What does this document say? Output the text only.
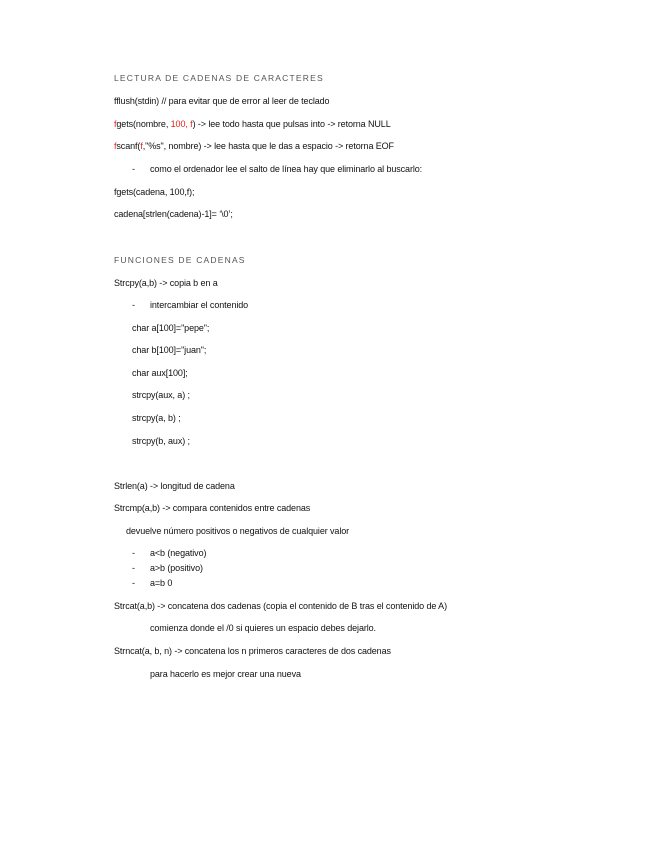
LECTURA DE CADENAS DE CARACTERES
fflush(stdin) // para evitar que de error al leer de teclado
fgets(nombre, 100, f) -> lee todo hasta que pulsas into -> retorna NULL
fscanf(f,"%s", nombre) -> lee hasta que le das a espacio -> retorna EOF
- como el ordenador lee el salto de línea hay que eliminarlo al buscarlo:
fgets(cadena, 100,f);
cadena[strlen(cadena)-1]= ‘\0’;
FUNCIONES DE CADENAS
Strcpy(a,b) -> copia b en a
- intercambiar el contenido
char a[100]="pepe";
char b[100]="juan";
char aux[100];
strcpy(aux, a) ;
strcpy(a, b) ;
strcpy(b, aux) ;
Strlen(a) -> longitud de cadena
Strcmp(a,b) -> compara contenidos entre cadenas
devuelve número positivos o negativos de cualquier valor
- a<b (negativo)
- a>b (positivo)
- a=b 0
Strcat(a,b) -> concatena dos cadenas (copia el contenido de B tras el contenido de A)
comienza donde el /0 si quieres un espacio debes dejarlo.
Strncat(a, b, n) -> concatena los n primeros caracteres de dos cadenas
para hacerlo es mejor crear una nueva
